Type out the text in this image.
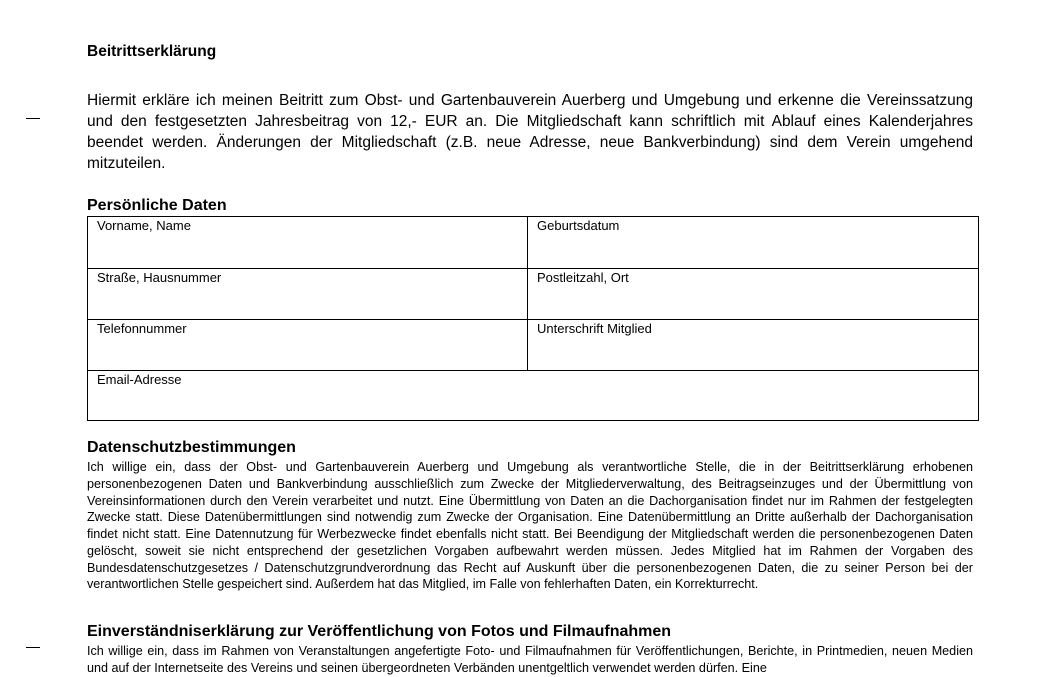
Beitrittserklärung

Hiermit erkläre ich meinen Beitritt zum Obst- und Gartenbauverein Auerberg und Umgebung und erkenne die Vereinssatzung und den festgesetzten Jahresbeitrag von 12,- EUR an. Die Mitgliedschaft kann schriftlich mit Ablauf eines Kalenderjahres beendet werden. Änderungen der Mitgliedschaft (z.B. neue Adresse, neue Bankverbindung) sind dem Verein umgehend mitzuteilen.

Persönliche Daten
Vorname, Name	Geburtsdatum
Straße, Hausnummer	Postleitzahl, Ort
Telefonnummer	Unterschrift Mitglied
Email-Adresse
Datenschutzbestimmungen

Ich willige ein, dass der Obst- und Gartenbauverein Auerberg und Umgebung als verantwortliche Stelle, die in der Beitrittserklärung erhobenen personenbezogenen Daten und Bankverbindung ausschließlich zum Zwecke der Mitgliederverwaltung, des Beitragseinzuges und der Übermittlung von Vereinsinformationen durch den Verein verarbeitet und nutzt. Eine Übermittlung von Daten an die Dachorganisation findet nur im Rahmen der festgelegten Zwecke statt. Diese Datenübermittlungen sind notwendig zum Zwecke der Organisation. Eine Datenübermittlung an Dritte außerhalb der Dachorganisation findet nicht statt. Eine Datennutzung für Werbezwecke findet ebenfalls nicht statt. Bei Beendigung der Mitgliedschaft werden die personenbezogenen Daten gelöscht, soweit sie nicht entsprechend der gesetzlichen Vorgaben aufbewahrt werden müssen. Jedes Mitglied hat im Rahmen der Vorgaben des Bundesdatenschutzgesetzes / Datenschutzgrundverordnung das Recht auf Auskunft über die personenbezogenen Daten, die zu seiner Person bei der verantwortlichen Stelle gespeichert sind. Außerdem hat das Mitglied, im Falle von fehlerhaften Daten, ein Korrekturrecht.

Einverständniserklärung zur Veröffentlichung von Fotos und Filmaufnahmen

Ich willige ein, dass im Rahmen von Veranstaltungen angefertigte Foto- und Filmaufnahmen für Veröffentlichungen, Berichte, in Printmedien, neuen Medien und auf der Internetseite des Vereins und seinen übergeordneten Verbänden unentgeltlich verwendet werden dürfen. Eine
